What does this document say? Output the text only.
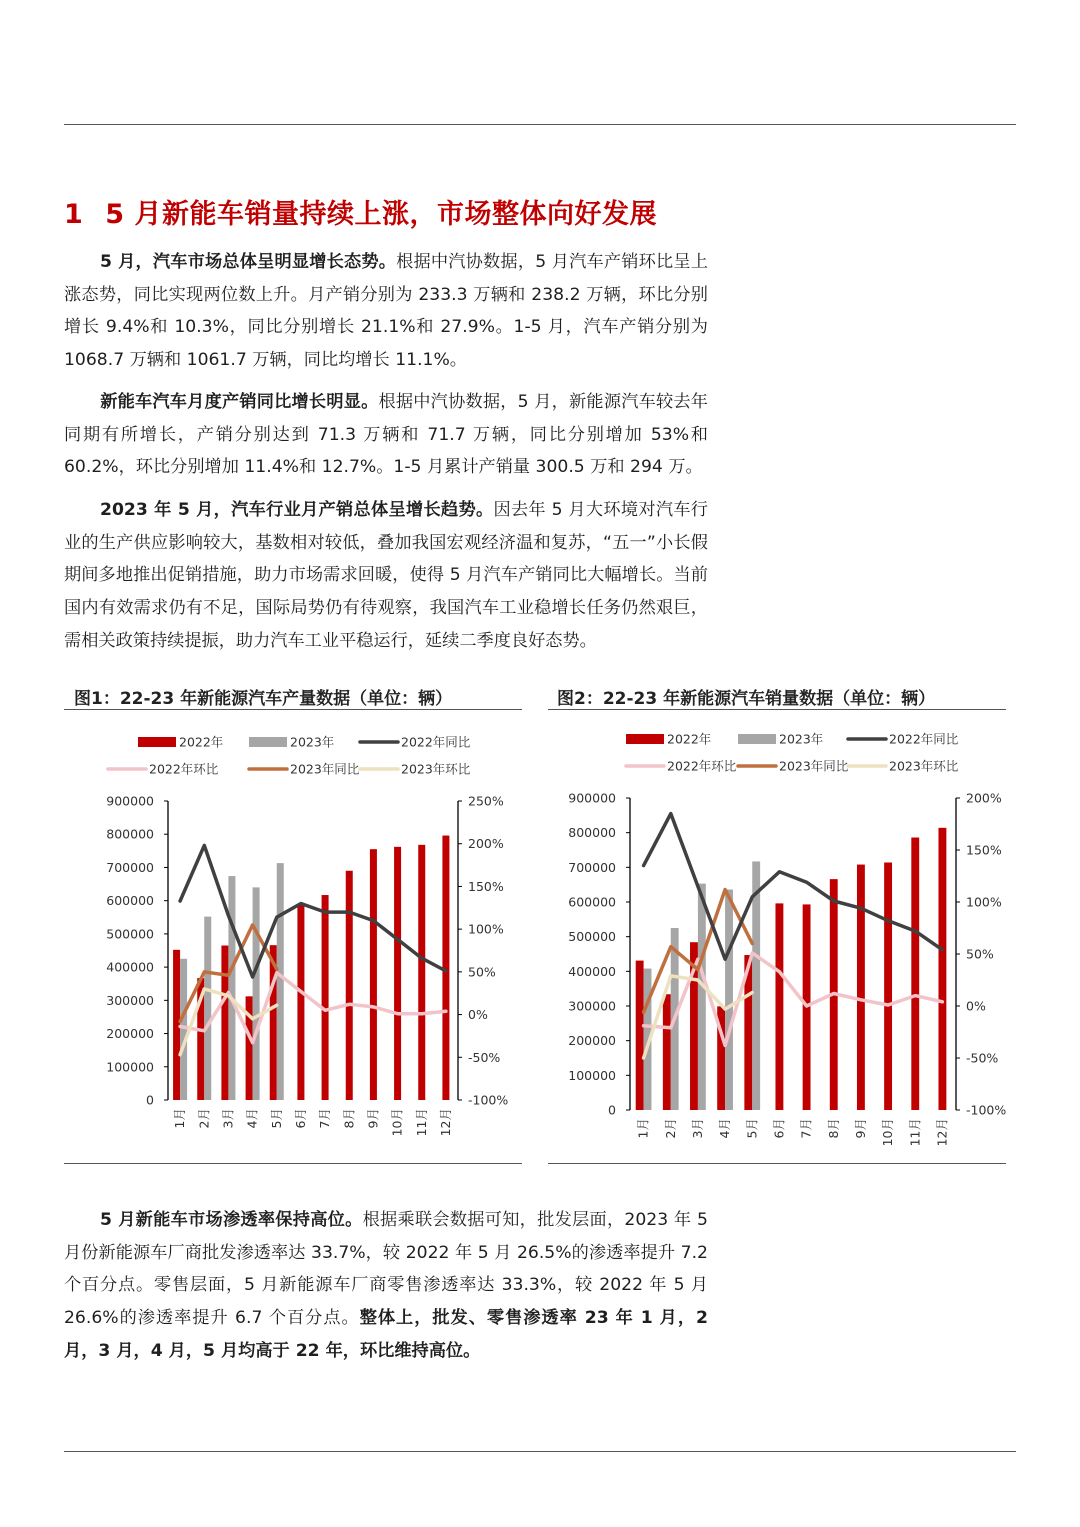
1 5 月新能车销量持续上涨，市场整体向好发展

5 月，汽车市场总体呈明显增长态势。根据中汽协数据，5 月汽车产销环比呈上涨态势，同比实现两位数上升。月产销分别为 233.3 万辆和 238.2 万辆，环比分别增长 9.4%和 10.3%，同比分别增长 21.1%和 27.9%。1-5 月，汽车产销分别为 1068.7 万辆和 1061.7 万辆，同比均增长 11.1%。

新能车汽车月度产销同比增长明显。根据中汽协数据，5 月，新能源汽车较去年同期有所增长，产销分别达到 71.3 万辆和 71.7 万辆，同比分别增加 53%和 60.2%，环比分别增加 11.4%和 12.7%。1-5 月累计产销量 300.5 万和 294 万。

2023 年 5 月，汽车行业月产销总体呈增长趋势。因去年 5 月大环境对汽车行业的生产供应影响较大，基数相对较低，叠加我国宏观经济温和复苏，“五一”小长假期间多地推出促销措施，助力市场需求回暖，使得 5 月汽车产销同比大幅增长。当前国内有效需求仍有不足，国际局势仍有待观察，我国汽车工业稳增长任务仍然艰巨，需相关政策持续提振，助力汽车工业平稳运行，延续二季度良好态势。

图1：22-23 年新能源汽车产量数据（单位：辆）

2022年	2023年	2022年同比
2022年环比	2023年同比	2023年环比
900000
800000
700000
600000
500000
400000
300000
200000
100000
0
250%
200%
150%
100%
50%
0%
-50%
-100%
1月 2月 3月 4月 5月 6月 7月 8月 9月 10月 11月 12月

图2：22-23 年新能源汽车销量数据（单位：辆）

2022年	2023年	2022年同比
2022年环比	2023年同比	2023年环比
900000
800000
700000
600000
500000
400000
300000
200000
100000
0
200%
150%
100%
50%
0%
-50%
-100%
1月 2月 3月 4月 5月 6月 7月 8月 9月 10月 11月 12月

5 月新能车市场渗透率保持高位。根据乘联会数据可知，批发层面，2023 年 5 月份新能源车厂商批发渗透率达 33.7%，较 2022 年 5 月 26.5%的渗透率提升 7.2 个百分点。零售层面，5 月新能源车厂商零售渗透率达 33.3%，较 2022 年 5 月 26.6%的渗透率提升 6.7 个百分点。整体上，批发、零售渗透率 23 年 1 月，2 月，3 月，4 月，5 月均高于 22 年，环比维持高位。
